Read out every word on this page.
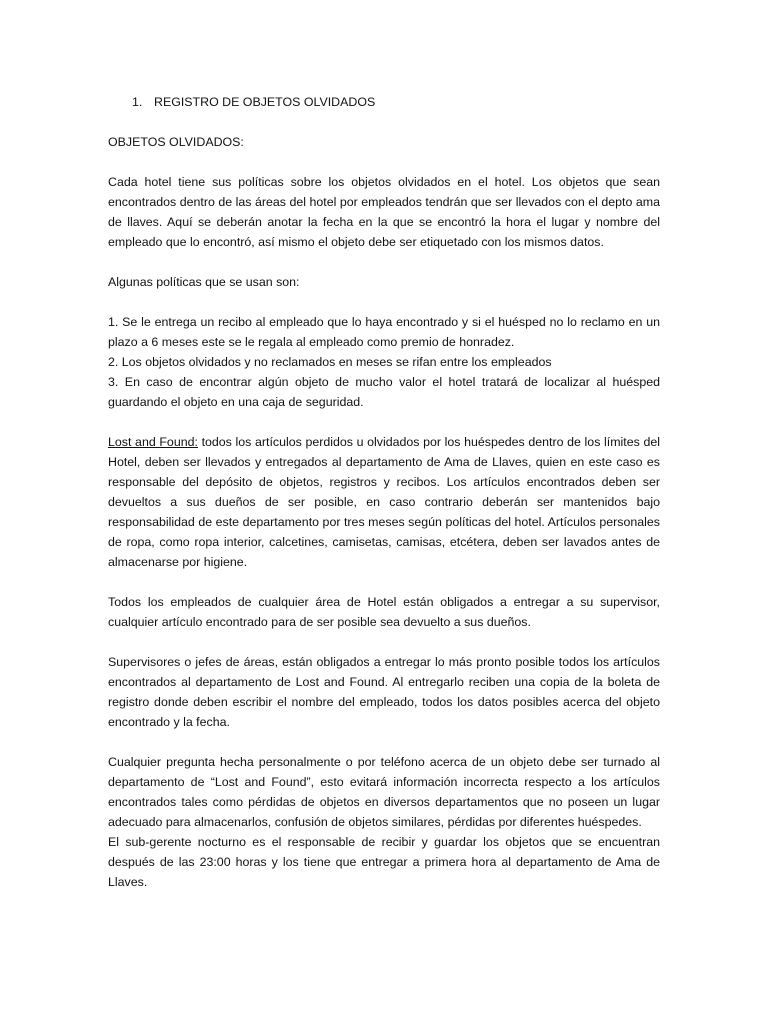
1. REGISTRO DE OBJETOS OLVIDADOS
OBJETOS OLVIDADOS:

Cada hotel tiene sus políticas sobre los objetos olvidados en el hotel. Los objetos que sean encontrados dentro de las áreas del hotel por empleados tendrán que ser llevados con el depto ama de llaves. Aquí se deberán anotar la fecha en la que se encontró la hora el lugar y nombre del empleado que lo encontró, así mismo el objeto debe ser etiquetado con los mismos datos.

Algunas políticas que se usan son:

1. Se le entrega un recibo al empleado que lo haya encontrado y si el huésped no lo reclamo en un plazo a 6 meses este se le regala al empleado como premio de honradez.
2. Los objetos olvidados y no reclamados en meses se rifan entre los empleados
3. En caso de encontrar algún objeto de mucho valor el hotel tratará de localizar al huésped guardando el objeto en una caja de seguridad.

Lost and Found: todos los artículos perdidos u olvidados por los huéspedes dentro de los límites del Hotel, deben ser llevados y entregados al departamento de Ama de Llaves, quien en este caso es responsable del depósito de objetos, registros y recibos. Los artículos encontrados deben ser devueltos a sus dueños de ser posible, en caso contrario deberán ser mantenidos bajo responsabilidad de este departamento por tres meses según políticas del hotel. Artículos personales de ropa, como ropa interior, calcetines, camisetas, camisas, etcétera, deben ser lavados antes de almacenarse por higiene.

Todos los empleados de cualquier área de Hotel están obligados a entregar a su supervisor, cualquier artículo encontrado para de ser posible sea devuelto a sus dueños.

Supervisores o jefes de áreas, están obligados a entregar lo más pronto posible todos los artículos encontrados al departamento de Lost and Found. Al entregarlo reciben una copia de la boleta de registro donde deben escribir el nombre del empleado, todos los datos posibles acerca del objeto encontrado y la fecha.

Cualquier pregunta hecha personalmente o por teléfono acerca de un objeto debe ser turnado al departamento de “Lost and Found”, esto evitará información incorrecta respecto a los artículos encontrados tales como pérdidas de objetos en diversos departamentos que no poseen un lugar adecuado para almacenarlos, confusión de objetos similares, pérdidas por diferentes huéspedes.

El sub-gerente nocturno es el responsable de recibir y guardar los objetos que se encuentran después de las 23:00 horas y los tiene que entregar a primera hora al departamento de Ama de Llaves.
